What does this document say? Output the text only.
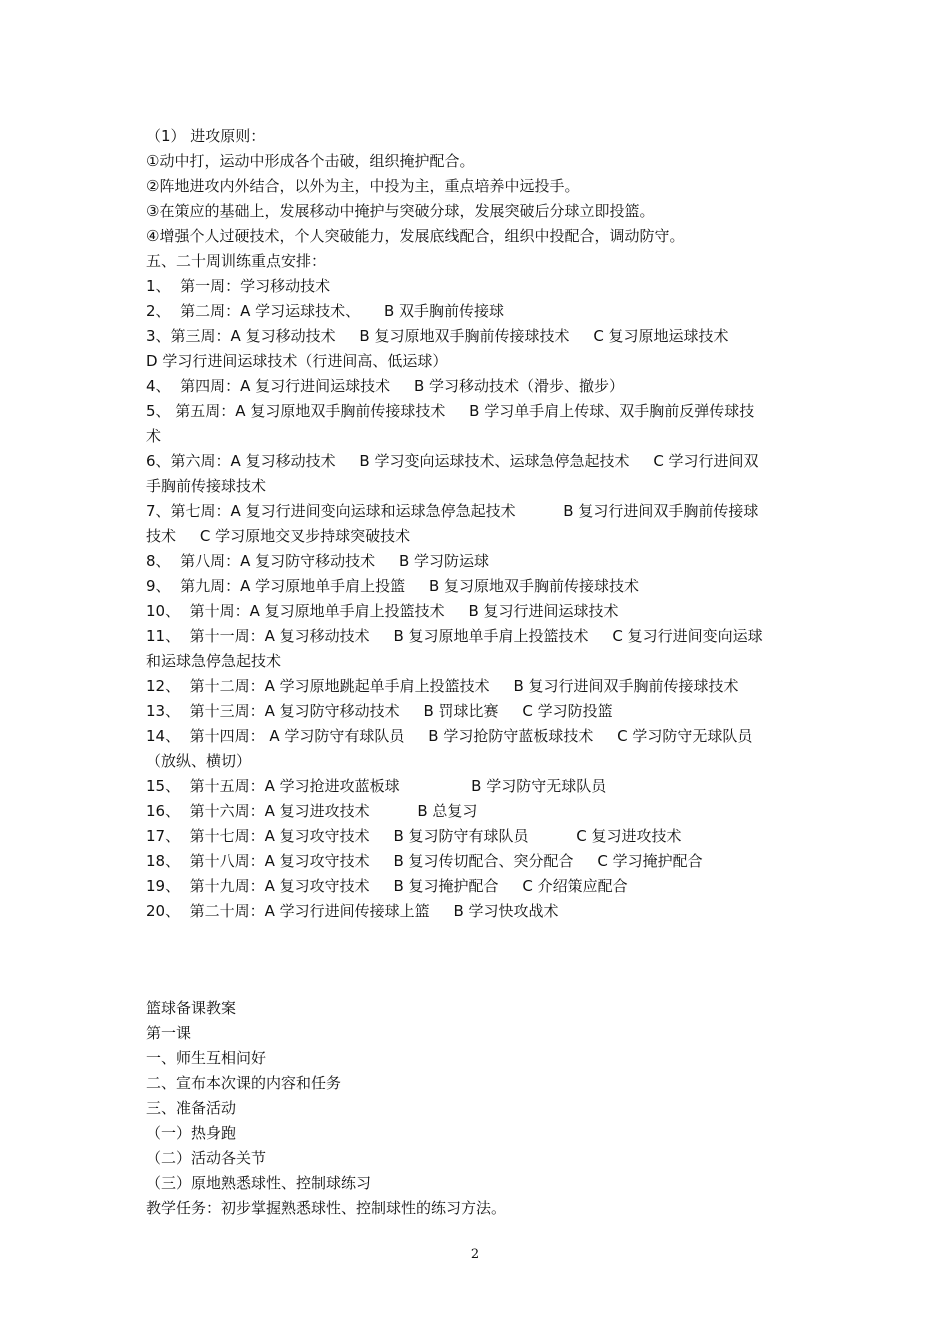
（1） 进攻原则：
①动中打，运动中形成各个击破，组织掩护配合。
②阵地进攻内外结合，以外为主，中投为主，重点培养中远投手。
③在策应的基础上，发展移动中掩护与突破分球，发展突破后分球立即投篮。
④增强个人过硬技术，个人突破能力，发展底线配合，组织中投配合，调动防守。
五、二十周训练重点安排：
1、  第一周：学习移动技术
2、  第二周：A 学习运球技术、     B 双手胸前传接球
3、第三周：A 复习移动技术     B 复习原地双手胸前传接球技术     C 复习原地运球技术
D 学习行进间运球技术（行进间高、低运球）
4、  第四周：A 复习行进间运球技术     B 学习移动技术（滑步、撤步）
5、 第五周：A 复习原地双手胸前传接球技术     B 学习单手肩上传球、双手胸前反弹传球技
术
6、第六周：A 复习移动技术     B 学习变向运球技术、运球急停急起技术     C 学习行进间双
手胸前传接球技术
7、第七周：A 复习行进间变向运球和运球急停急起技术          B 复习行进间双手胸前传接球
技术     C 学习原地交叉步持球突破技术
8、  第八周：A 复习防守移动技术     B 学习防运球
9、  第九周：A 学习原地单手肩上投篮     B 复习原地双手胸前传接球技术
10、  第十周：A 复习原地单手肩上投篮技术     B 复习行进间运球技术
11、  第十一周：A 复习移动技术     B 复习原地单手肩上投篮技术     C 复习行进间变向运球
和运球急停急起技术
12、  第十二周：A 学习原地跳起单手肩上投篮技术     B 复习行进间双手胸前传接球技术
13、  第十三周：A 复习防守移动技术     B 罚球比赛     C 学习防投篮
14、  第十四周： A 学习防守有球队员     B 学习抢防守蓝板球技术     C 学习防守无球队员
（放纵、横切）
15、  第十五周：A 学习抢进攻蓝板球               B 学习防守无球队员
16、  第十六周：A 复习进攻技术          B 总复习
17、  第十七周：A 复习攻守技术     B 复习防守有球队员          C 复习进攻技术
18、  第十八周：A 复习攻守技术     B 复习传切配合、突分配合     C 学习掩护配合
19、  第十九周：A 复习攻守技术     B 复习掩护配合     C 介绍策应配合
20、  第二十周：A 学习行进间传接球上篮     B 学习快攻战术
篮球备课教案
第一课
一、师生互相问好
二、宣布本次课的内容和任务
三、准备活动
（一）热身跑
（二）活动各关节
（三）原地熟悉球性、控制球练习
教学任务：初步掌握熟悉球性、控制球性的练习方法。
2
